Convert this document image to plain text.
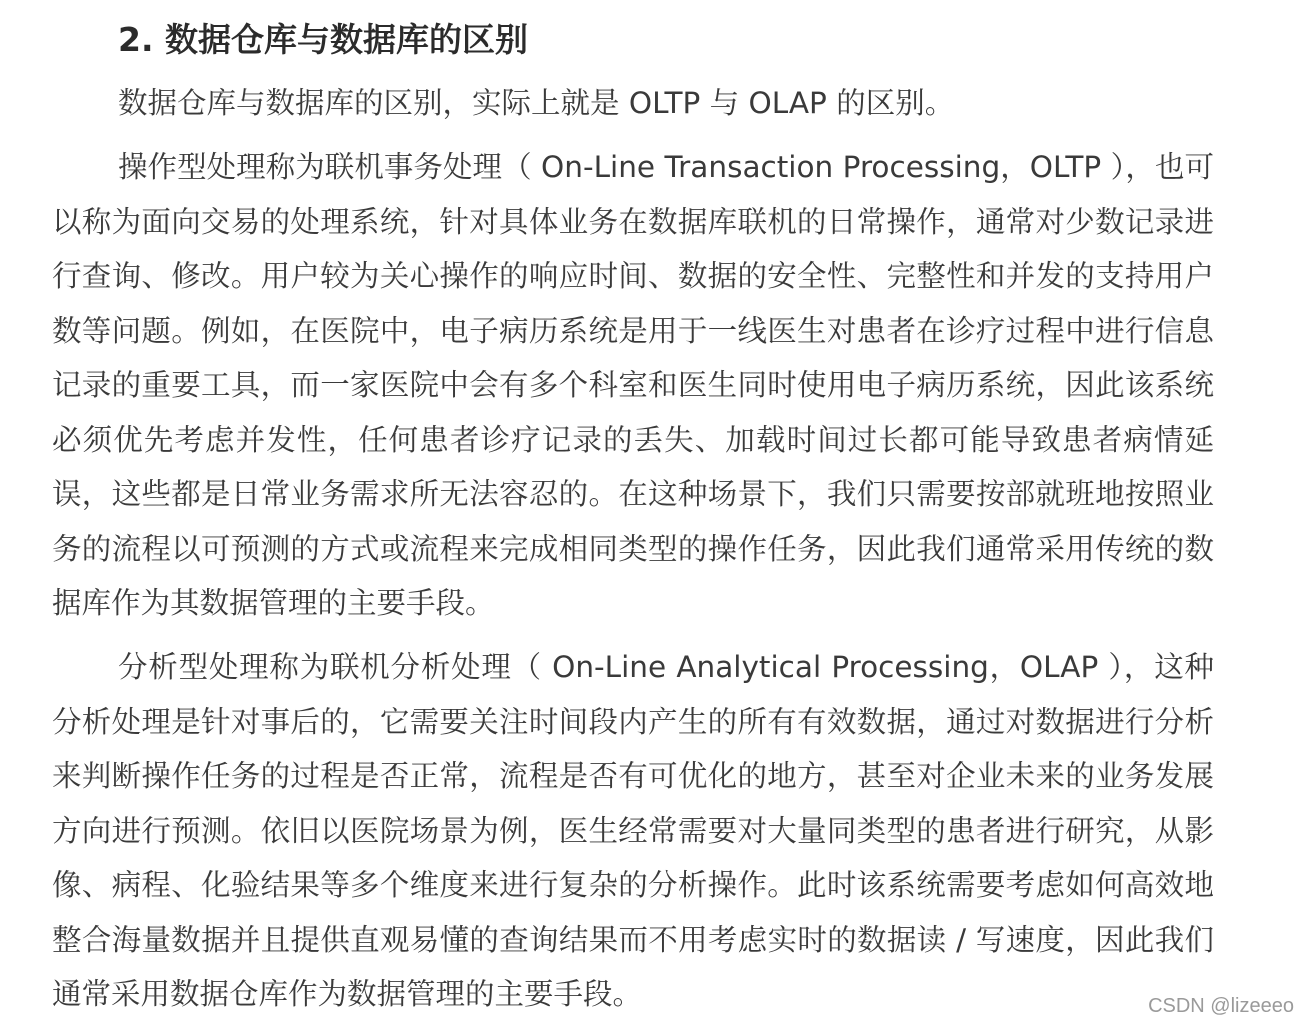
2. 数据仓库与数据库的区别

数据仓库与数据库的区别，实际上就是 OLTP 与 OLAP 的区别。

操作型处理称为联机事务处理（ On-Line Transaction Processing，OLTP ），也可以称为面向交易的处理系统，针对具体业务在数据库联机的日常操作，通常对少数记录进行查询、修改。用户较为关心操作的响应时间、数据的安全性、完整性和并发的支持用户数等问题。例如，在医院中，电子病历系统是用于一线医生对患者在诊疗过程中进行信息记录的重要工具，而一家医院中会有多个科室和医生同时使用电子病历系统，因此该系统必须优先考虑并发性，任何患者诊疗记录的丢失、加载时间过长都可能导致患者病情延误，这些都是日常业务需求所无法容忍的。在这种场景下，我们只需要按部就班地按照业务的流程以可预测的方式或流程来完成相同类型的操作任务，因此我们通常采用传统的数据库作为其数据管理的主要手段。

分析型处理称为联机分析处理（ On-Line Analytical Processing，OLAP ），这种分析处理是针对事后的，它需要关注时间段内产生的所有有效数据，通过对数据进行分析来判断操作任务的过程是否正常，流程是否有可优化的地方，甚至对企业未来的业务发展方向进行预测。依旧以医院场景为例，医生经常需要对大量同类型的患者进行研究，从影像、病程、化验结果等多个维度来进行复杂的分析操作。此时该系统需要考虑如何高效地整合海量数据并且提供直观易懂的查询结果而不用考虑实时的数据读 / 写速度，因此我们通常采用数据仓库作为数据管理的主要手段。	CSDN @lizeeeo
